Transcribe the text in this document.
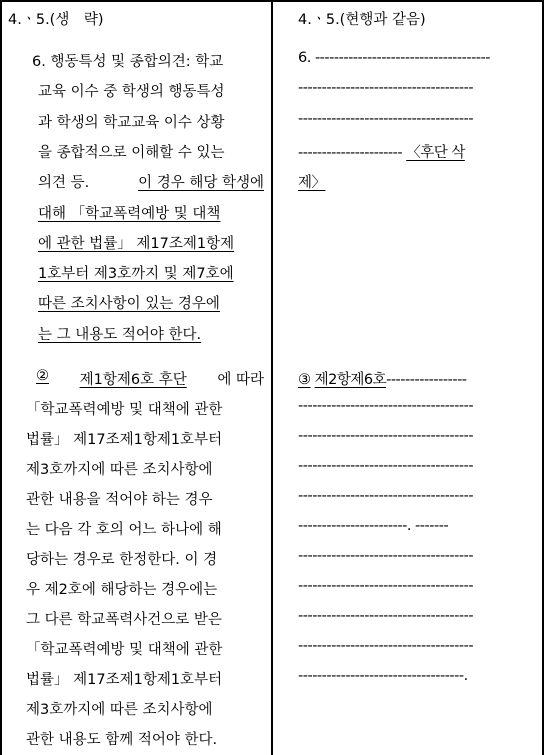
4.ㆍ5.(생　략)
6. 행동특성 및 종합의견: 학교
교육 이수 중 학생의 행동특성
과 학생의 학교교육 이수 상황
을 종합적으로 이해할 수 있는
의견 등.	이 경우 해당 학생에
대해 「학교폭력예방 및 대책
에 관한 법률」 제17조제1항제
1호부터 제3호까지 및 제7호에
따른 조치사항이 있는 경우에
는 그 내용도 적어야 한다.
② 제1항제6호 후단 에 따라
「학교폭력예방 및 대책에 관한
법률」 제17조제1항제1호부터
제3호까지에 따른 조치사항에
관한 내용을 적어야 하는 경우
는 다음 각 호의 어느 하나에 해
당하는 경우로 한정한다. 이 경
우 제2호에 해당하는 경우에는
그 다른 학교폭력사건으로 받은
「학교폭력예방 및 대책에 관한
법률」 제17조제1항제1호부터
제3호까지에 따른 조치사항에
관한 내용도 함께 적어야 한다.
4.ㆍ5.(현행과 같음)
6. -------------------------------------
-------------------------------------
-------------------------------------
---------------------- 〈후단 삭
제〉
③ 제2항제6호-----------------
-------------------------------------
-------------------------------------
-------------------------------------
-------------------------------------
-----------------------. -------
-------------------------------------
-------------------------------------
-------------------------------------
-------------------------------------
-----------------------------------.
